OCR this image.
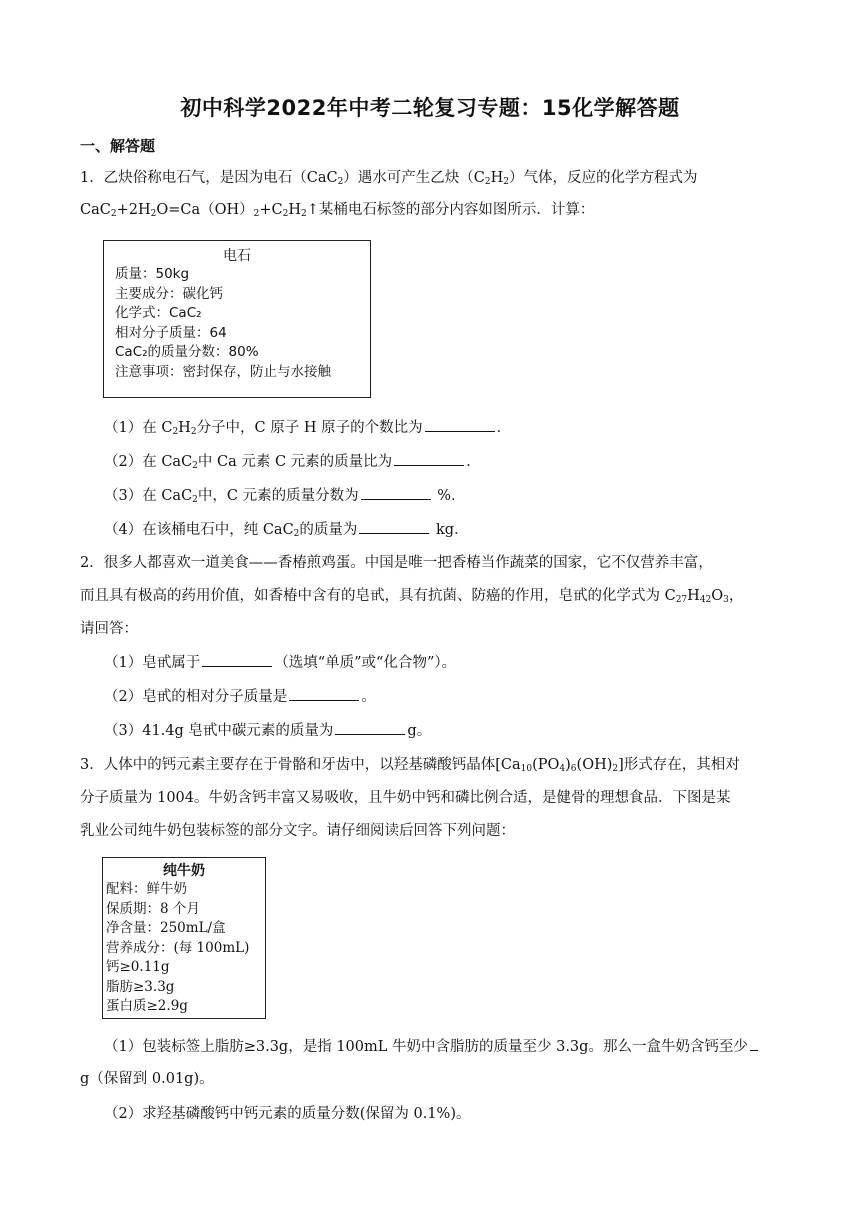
初中科学2022年中考二轮复习专题：15化学解答题
一、解答题
1．乙炔俗称电石气，是因为电石（CaC$_2$）遇水可产生乙炔$(C_2H_2)$气体，反应的化学方程式为
$CaC_2+2H_2O=Ca(OH)_2+C_2H_2↑$某桶电石标签的部分内容如图所示．计算：
电石
质量：50kg
主要成分：碳化钙
化学式：CaC₂
相对分子质量：64
CaC₂的质量分数：80%
注意事项：密封保存，防止与水接触
（1）在 $C_2H_2$分子中，C 原子 H 原子的个数比为	．
（2）在 CaC$_2$中 Ca 元素 C 元素的质量比为	．
（3）在 CaC$_2$中，C 元素的质量分数为	%．
（4）在该桶电石中，纯 CaC$_2$的质量为	kg．
2．很多人都喜欢一道美食——香椿煎鸡蛋。中国是唯一把香椿当作蔬菜的国家，它不仅营养丰富，
而且具有极高的药用价值，如香椿中含有的皂甙，具有抗菌、防癌的作用，皂甙的化学式为 $C_{27}H_{42}O_3$，
请回答：
（1）皂甙属于	（选填“单质”或“化合物”）。
（2）皂甙的相对分子质量是	。
（3）41.4g 皂甙中碳元素的质量为	g。
3．人体中的钙元素主要存在于骨骼和牙齿中，以羟基磷酸钙晶体$[Ca_{10}(PO_4)_6(OH)_2]$形式存在，其相对
分子质量为 1004。牛奶含钙丰富又易吸收，且牛奶中钙和磷比例合适，是健骨的理想食品．下图是某
乳业公司纯牛奶包装标签的部分文字。请仔细阅读后回答下列问题：
纯牛奶
配料：鲜牛奶
保质期：8 个月
净含量：250mL/盒
营养成分：(每 100mL)
钙≥0.11g
脂肪≥3.3g
蛋白质≥2.9g
（1）包装标签上脂肪≥3.3g，是指 100mL 牛奶中含脂肪的质量至少 3.3g。那么一盒牛奶含钙至少
g（保留到 0.01g)。
（2）求羟基磷酸钙中钙元素的质量分数(保留为 0.1%)。
